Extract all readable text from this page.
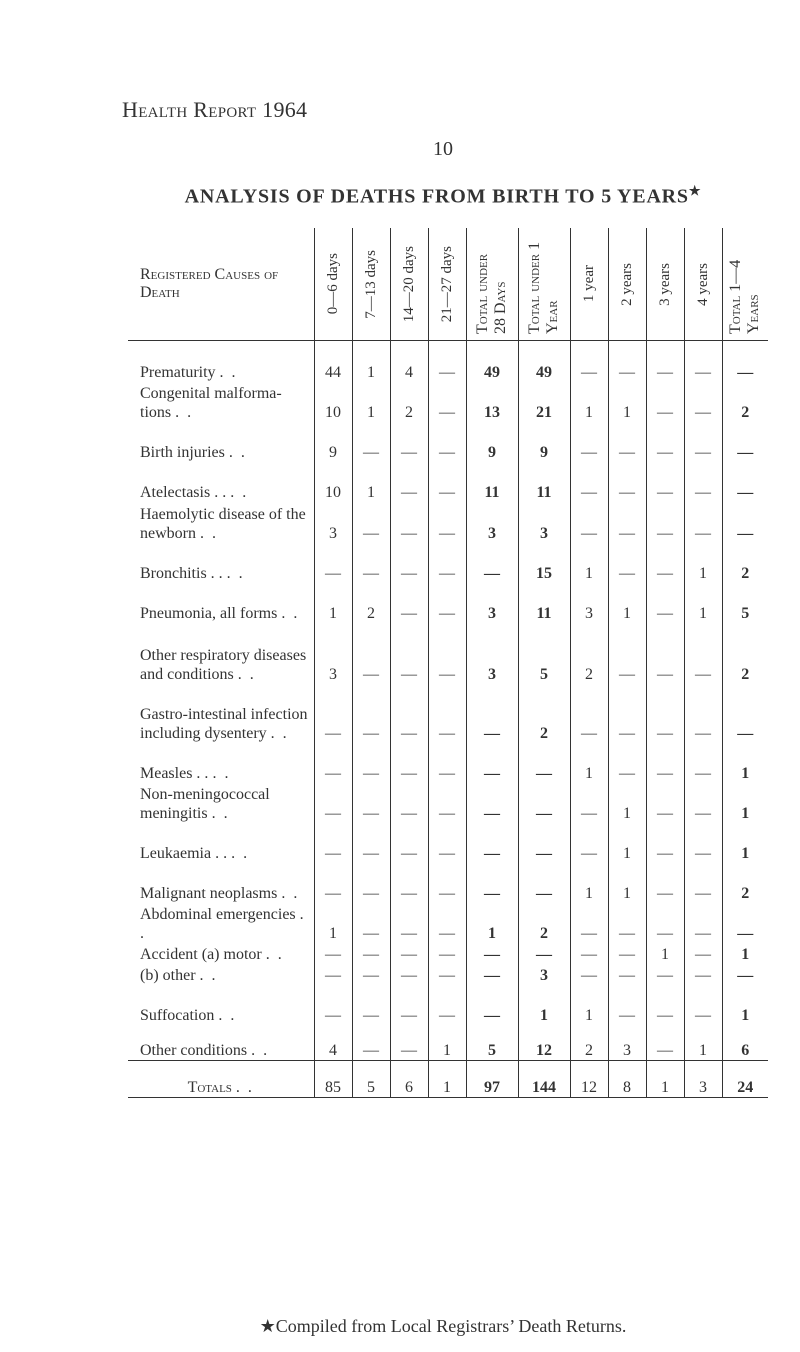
Health Report 1964
10
ANALYSIS OF DEATHS FROM BIRTH TO 5 YEARS★
Registered Causes of Death	0—6 days	7—13 days	14—20 days	21—27 days	Total under 28 Days	Total under 1 Year	1 year	2 years	3 years	4 years	Total 1—4 Years

Prematurity . .	44	1	4	—	49	49	—	—	—	—	—
Congenital malforma- tions . .	10	1	2	—	13	21	1	1	—	—	2
Birth injuries . .	9	—	—	—	9	9	—	—	—	—	—
Atelectasis . . . .	10	1	—	—	11	11	—	—	—	—	—
Haemolytic disease of the newborn . .	3	—	—	—	3	3	—	—	—	—	—
Bronchitis . . . .	—	—	—	—	—	15	1	—	—	1	2
Pneumonia, all forms . .	1	2	—	—	3	11	3	1	—	1	5
Other respiratory diseases and conditions . .	3	—	—	—	3	5	2	—	—	—	2
Gastro-intestinal infection including dysentery . .	—	—	—	—	—	2	—	—	—	—	—
Measles . . . .	—	—	—	—	—	—	1	—	—	—	1
Non-meningococcal meningitis . .	—	—	—	—	—	—	—	1	—	—	1
Leukaemia . . . .	—	—	—	—	—	—	—	1	—	—	1
Malignant neoplasms . .	—	—	—	—	—	—	1	1	—	—	2
Abdominal emergencies . .	1	—	—	—	1	2	—	—	—	—	—
Accident (a) motor . .	—	—	—	—	—	—	—	—	1	—	1
(b) other . .	—	—	—	—	—	3	—	—	—	—	—
Suffocation . .	—	—	—	—	—	1	1	—	—	—	1
Other conditions . .	4	—	—	1	5	12	2	3	—	1	6
Totals . .	85	5	6	1	97	144	12	8	1	3	24
★Compiled from Local Registrars’ Death Returns.
